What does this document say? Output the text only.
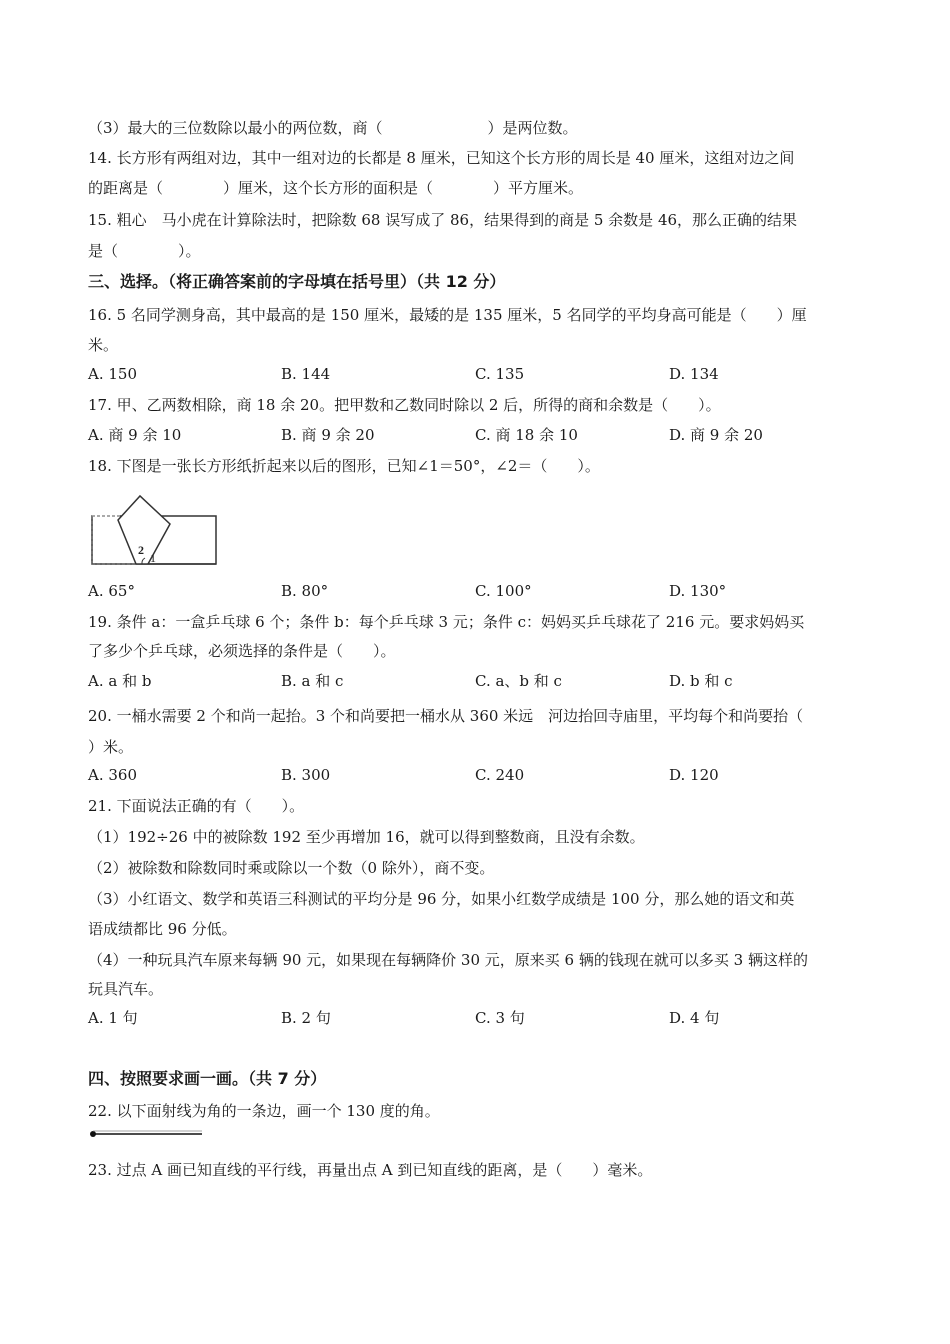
（3）最大的三位数除以最小的两位数，商（　　　　　　　）是两位数。
14. 长方形有两组对边，其中一组对边的长都是 8 厘米，已知这个长方形的周长是 40 厘米，这组对边之间
的距离是（　　　　）厘米，这个长方形的面积是（　　　　）平方厘米。
15. 粗心　马小虎在计算除法时，把除数 68 误写成了 86，结果得到的商是 5 余数是 46，那么正确的结果
是（　　　　）。
三、选择。（将正确答案前的字母填在括号里）（共 12 分）
16. 5 名同学测身高，其中最高的是 150 厘米，最矮的是 135 厘米，5 名同学的平均身高可能是（　　）厘
米。
A. 150	B. 144	C. 135	D. 134
17. 甲、乙两数相除，商 18 余 20。把甲数和乙数同时除以 2 后，所得的商和余数是（　　）。
A. 商 9 余 10	B. 商 9 余 20	C. 商 18 余 10	D. 商 9 余 20
18. 下图是一张长方形纸折起来以后的图形，已知∠1＝50°，∠2＝（　　）。
2
1
A. 65°	B. 80°	C. 100°	D. 130°
19. 条件 a：一盒乒乓球 6 个；条件 b：每个乒乓球 3 元；条件 c：妈妈买乒乓球花了 216 元。要求妈妈买
了多少个乒乓球，必须选择的条件是（　　）。
A. a 和 b	B. a 和 c	C. a、b 和 c	D. b 和 c
20. 一桶水需要 2 个和尚一起抬。3 个和尚要把一桶水从 360 米远　河边抬回寺庙里，平均每个和尚要抬（
）米。
A. 360	B. 300	C. 240	D. 120
21. 下面说法正确的有（　　）。
（1）192÷26 中的被除数 192 至少再增加 16，就可以得到整数商，且没有余数。
（2）被除数和除数同时乘或除以一个数（0 除外），商不变。
（3）小红语文、数学和英语三科测试的平均分是 96 分，如果小红数学成绩是 100 分，那么她的语文和英
语成绩都比 96 分低。
（4）一种玩具汽车原来每辆 90 元，如果现在每辆降价 30 元，原来买 6 辆的钱现在就可以多买 3 辆这样的
玩具汽车。
A. 1 句	B. 2 句	C. 3 句	D. 4 句
四、按照要求画一画。（共 7 分）
22. 以下面射线为角的一条边，画一个 130 度的角。
23. 过点 A 画已知直线的平行线，再量出点 A 到已知直线的距离，是（　　）毫米。
